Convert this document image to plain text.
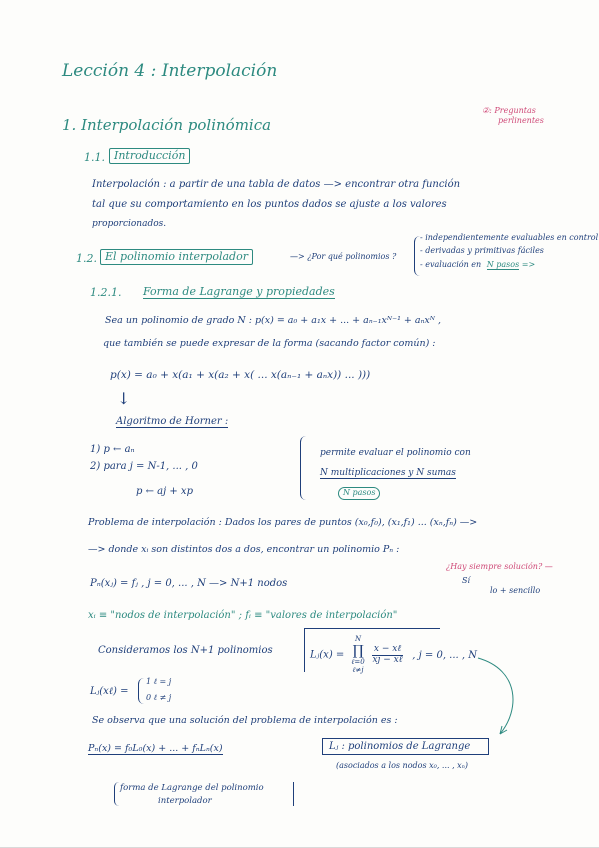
Lección 4 : Interpolación
1. Interpolación polinómica
②: Preguntas
perlinentes
1.1. Introducción
Interpolación : a partir de una tabla de datos —> encontrar otra función
tal que su comportamiento en los puntos dados se ajuste a los valores
proporcionados.
1.2. El polinomio interpolador	—> ¿Por qué polinomios ?
- independientemente evaluables en control
- derivadas y primitivas fáciles
- evaluación en N pasos =>
1.2.1. Forma de Lagrange y propiedades
Sea un polinomio de grado N : p(x) = a₀ + a₁x + ... + aₙ₋₁xᴺ⁻¹ + aₙxᴺ ,
que también se puede expresar de la forma (sacando factor común) :
p(x) = a₀ + x(a₁ + x(a₂ + x( ... x(aₙ₋₁ + aₙx)) ... )))
↓
Algoritmo de Horner :
1) p ← aₙ
2) para j = N-1, ... , 0
p ← aj + xp
permite evaluar el polinomio con
N multiplicaciones y N sumas
N pasos
Problema de interpolación : Dados los pares de puntos (x₀,f₀), (x₁,f₁) ... (xₙ,fₙ) —>
—> donde xᵢ son distintos dos a dos, encontrar un polinomio Pₙ :
¿Hay siempre solución? —
Pₙ(xⱼ) = fⱼ , j = 0, ... , N —> N+1 nodos	Sí
lo + sencillo
xᵢ ≡ "nodos de interpolación" ; fᵢ ≡ "valores de interpolación"
Consideramos los N+1 polinomios	Lⱼ(x) =
N
∏
ℓ=0
ℓ≠j

$\frac{\text{x − xℓ}}{\text{xj − xℓ}}$ , j = 0, ... , N
Lⱼ(xℓ) =
1 ℓ = j
0 ℓ ≠ j
Se observa que una solución del problema de interpolación es :
Pₙ(x) = f₀L₀(x) + ... + fₙLₙ(x)	Lⱼ : polinomios de Lagrange
(asociados a los nodos x₀, ... , xₙ)
forma de Lagrange del polinomio
interpolador
